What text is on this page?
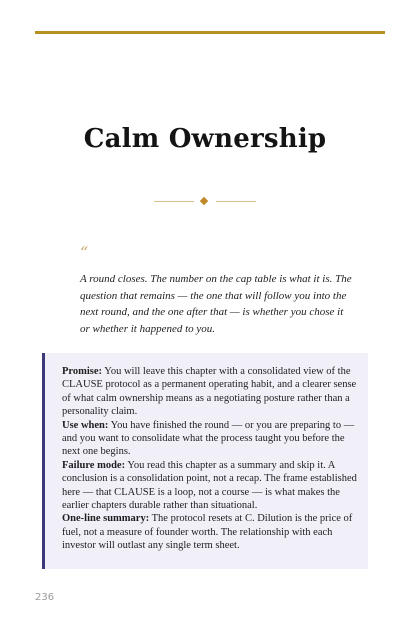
Calm Ownership
“

A round closes. The number on the cap table is what it is. The question that remains — the one that will follow you into the next round, and the one after that — is whether you chose it or whether it happened to you.

Promise: You will leave this chapter with a consolidated view of the CLAUSE protocol as a permanent operating habit, and a clearer sense of what calm ownership means as a negotiating posture rather than a personality claim.

Use when: You have finished the round — or you are preparing to — and you want to consolidate what the process taught you before the next one begins.

Failure mode: You read this chapter as a summary and skip it. A conclusion is a consolidation point, not a recap. The frame established here — that CLAUSE is a loop, not a course — is what makes the earlier chapters durable rather than situational.

One-line summary: The protocol resets at C. Dilution is the price of fuel, not a measure of founder worth. The relationship with each investor will outlast any single term sheet.

236
